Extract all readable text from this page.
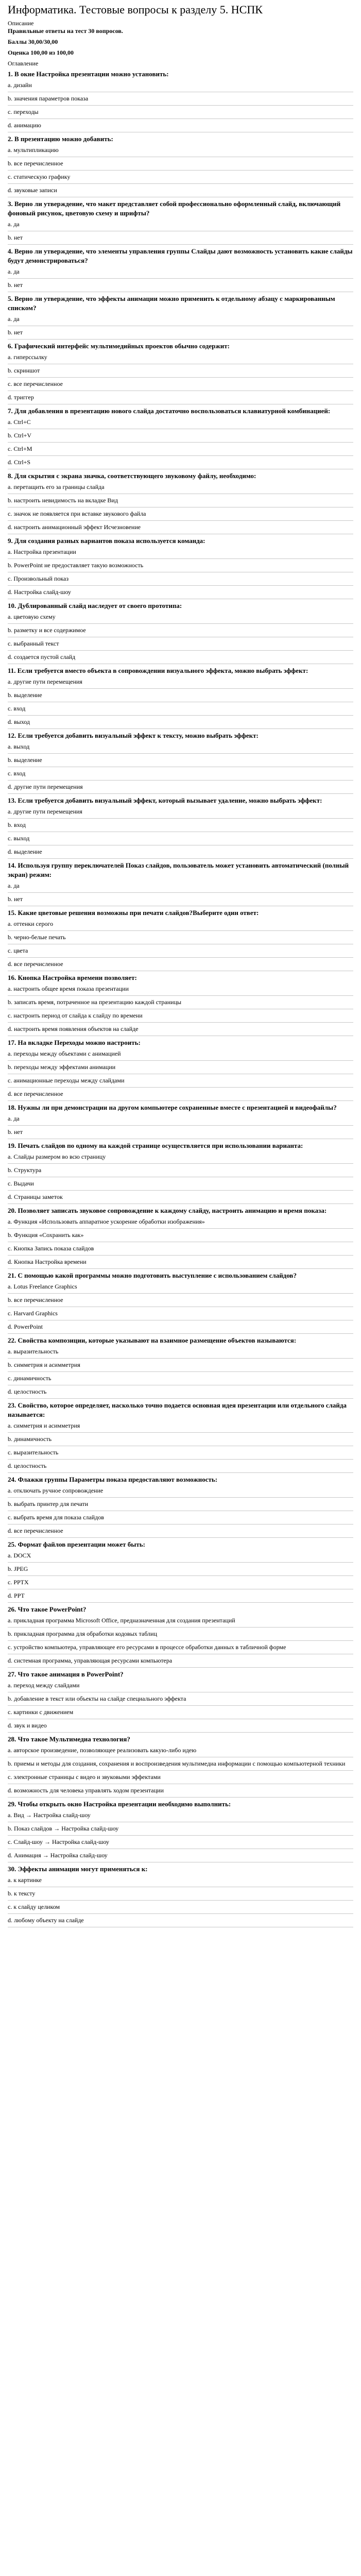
Информатика. Тестовые вопросы к разделу 5. НСПК
Описание
Правильные ответы на тест 30 вопросов.
Баллы 30,00/30,00
Оценка 100,00 из 100,00
Оглавление
1. В окне Настройка презентации можно установить:
а. дизайн
b. значения параметров показа
c. переходы
d. анимацию
2. В презентацию можно добавить:
a. мультипликацию
b. все перечисленное
c. статическую графику
d. звуковые записи
3. Верно ли утверждение, что макет представляет собой профессионально оформленный слайд, включающий фоновый рисунок, цветовую схему и шрифты?
а. да
b. нет
4. Верно ли утверждение, что элементы управления группы Слайды дают возможность установить какие слайды будут демонстрироваться?
а. да
b. нет
5. Верно ли утверждение, что эффекты анимации можно применить к отдельному абзацу с маркированным списком?
а. да
b. нет
6. Графический интерфейс мультимедийных проектов обычно содержит:
a. гиперссылку
b. скриншот
c. все перечисленное
d. триггер
7. Для добавления в презентацию нового слайда достаточно воспользоваться клавиатурной комбинацией:
a. Ctrl+C
b. Ctrl+V
c. Ctrl+M
d. Ctrl+S
8. Для скрытия с экрана значка, соответствующего звуковому файлу, необходимо:
a. перетащить его за границы слайда
b. настроить невидимость на вкладке Вид
c. значок не появляется при вставке звукового файла
d. настроить анимационный эффект Исчезновение
9. Для создания разных вариантов показа используется команда:
a. Настройка презентации
b. PowerPoint не предоставляет такую возможность
c. Произвольный показ
d. Настройка слайд-шоу
10. Дублированный слайд наследует от своего прототипа:
a. цветовую схему
b. разметку и все содержимое
c. выбранный текст
d. создается пустой слайд
11. Если требуется вместо объекта в сопровождении визуального эффекта, можно выбрать эффект:
a. другие пути перемещения
b. выделение
c. вход
d. выход
12. Если требуется добавить визуальный эффект к тексту, можно выбрать эффект:
a. выход
b. выделение
c. вход
d. другие пути перемещения
13. Если требуется добавить визуальный эффект, который вызывает удаление, можно выбрать эффект:
a. другие пути перемещения
b. вход
c. выход
d. выделение
14. Используя группу переключателей Показ слайдов, пользователь может установить автоматический (полный экран) режим:
а. да
b. нет
15. Какие цветовые решения возможны при печати слайдов?Выберите один ответ:
a. оттенки серого
b. черно-белые печать
c. цвета
d. все перечисленное
16. Кнопка Настройка времени позволяет:
a. настроить общее время показа презентации
b. записать время, потраченное на презентацию каждой страницы
c. настроить период от слайда к слайду по времени
d. настроить время появления объектов на слайде
17. На вкладке Переходы можно настроить:
a. переходы между объектами с анимацией
b. переходы между эффектами анимации
c. анимационные переходы между слайдами
d. все перечисленное
18. Нужны ли при демонстрации на другом компьютере сохраненные вместе с презентацией и видеофайлы?
а. да
b. нет
19. Печать слайдов по одному на каждой странице осуществляется при использовании варианта:
a. Слайды размером во всю страницу
b. Структура
c. Выдачи
d. Страницы заметок
20. Позволяет записать звуковое сопровождение к каждому слайду, настроить анимацию и время показа:
a. Функция «Использовать аппаратное ускорение обработки изображения»
b. Функция «Сохранить как»
c. Кнопка Запись показа слайдов
d. Кнопка Настройка времени
21. С помощью какой программы можно подготовить выступление с использованием слайдов?
a. Lotus Freelance Graphics
b. все перечисленное
c. Harvard Graphics
d. PowerPoint
22. Свойства композиции, которые указывают на взаимное размещение объектов называются:
a. выразительность
b. симметрия и асимметрия
c. динамичность
d. целостность
23. Свойство, которое определяет, насколько точно подается основная идея презентации или отдельного слайда называется:
a. симметрия и асимметрия
b. динамичность
c. выразительность
d. целостность
24. Флажки группы Параметры показа предоставляют возможность:
a. отключать ручное сопровождение
b. выбрать принтер для печати
c. выбрать время для показа слайдов
d. все перечисленное
25. Формат файлов презентации может быть:
a. DOCX
b. JPEG
c. PPTX
d. PPT
26. Что такое PowerPoint?
a. прикладная программа Microsoft Office, предназначенная для создания презентаций
b. прикладная программа для обработки кодовых таблиц
c. устройство компьютера, управляющее его ресурсами в процессе обработки данных в табличной форме
d. системная программа, управляющая ресурсами компьютера
27. Что такое анимация в PowerPoint?
a. переход между слайдами
b. добавление в текст или объекты на слайде специального эффекта
c. картинки с движением
d. звук и видео
28. Что такое Мультимедиа технология?
a. авторское произведение, позволяющее реализовать какую-либо идею
b. приемы и методы для создания, сохранения и воспроизведения мультимедиа информации с помощью компьютерной техники
c. электронные страницы с видео и звуковыми эффектами
d. возможность для человека управлять ходом презентации
29. Чтобы открыть окно Настройка презентации необходимо выполнить:
a. Вид → Настройка слайд-шоу
b. Показ слайдов → Настройка слайд-шоу
c. Слайд-шоу → Настройка слайд-шоу
d. Анимация → Настройка слайд-шоу
30. Эффекты анимации могут применяться к:
a. к картинке
b. к тексту
c. к слайду целиком
d. любому объекту на слайде
